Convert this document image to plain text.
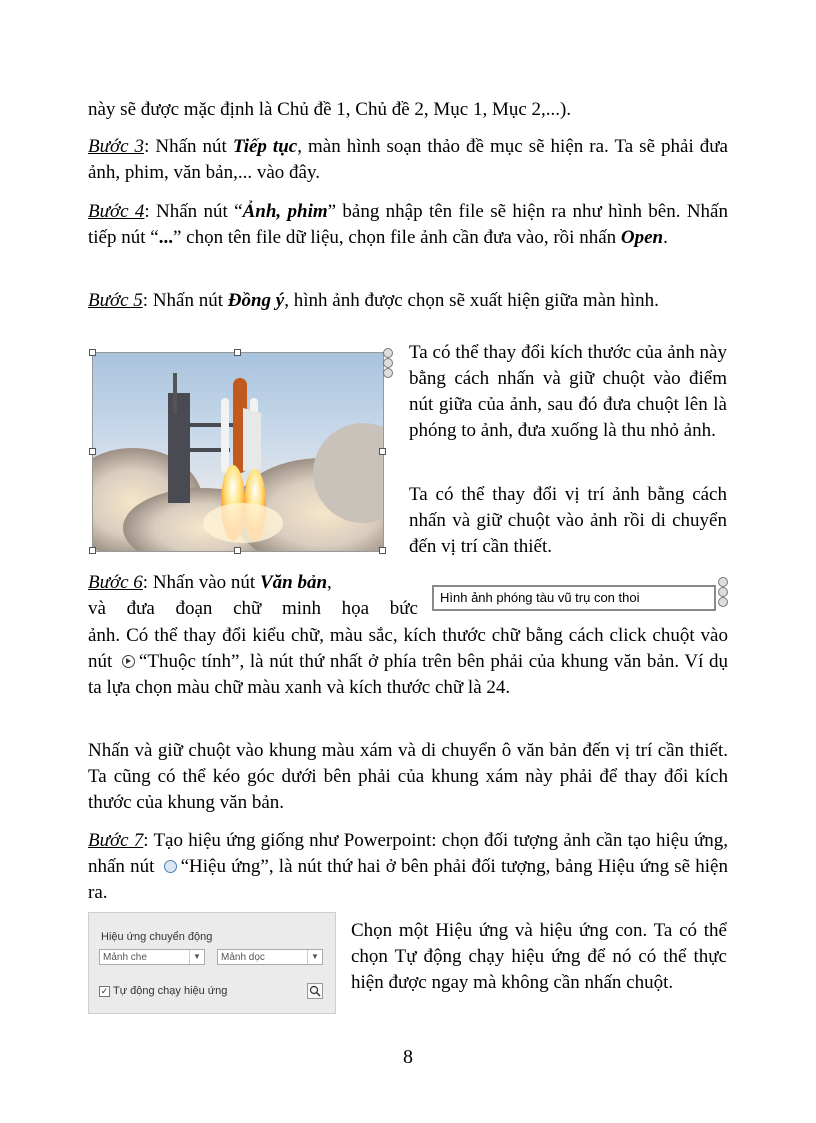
này sẽ được mặc định là Chủ đề 1, Chủ đề 2, Mục 1, Mục 2,...).
Bước 3: Nhấn nút Tiếp tục, màn hình soạn thảo đề mục sẽ hiện ra. Ta sẽ phải đưa ảnh, phim, văn bản,... vào đây.
Bước 4: Nhấn nút “Ảnh, phim” bảng nhập tên file sẽ hiện ra như hình bên. Nhấn tiếp nút “...” chọn tên file dữ liệu, chọn file ảnh cần đưa vào, rồi nhấn Open.
Bước 5: Nhấn nút Đồng ý, hình ảnh được chọn sẽ xuất hiện giữa màn hình.
Ta có thể thay đổi kích thước của ảnh này bằng cách nhấn và giữ chuột vào điểm nút giữa của ảnh, sau đó đưa chuột lên là phóng to ảnh, đưa xuống là thu nhỏ ảnh.
Ta có thể thay đổi vị trí ảnh bằng cách nhấn và giữ chuột vào ảnh rồi di chuyển đến vị trí cần thiết.
Bước 6: Nhấn vào nút Văn bản,
và đưa đoạn chữ minh họa bức
Hình ảnh phóng tàu vũ trụ con thoi
ảnh. Có thể thay đổi kiểu chữ, màu sắc, kích thước chữ bằng cách click chuột vào nút
“Thuộc tính”, là nút thứ nhất ở phía trên bên phải của khung văn bản. Ví dụ ta lựa chọn màu chữ màu xanh và kích thước chữ là 24.
Nhấn và giữ chuột vào khung màu xám và di chuyển ô văn bản đến vị trí cần thiết. Ta cũng có thể kéo góc dưới bên phải của khung xám này phải để thay đổi kích thước của khung văn bản.
Bước 7: Tạo hiệu ứng giống như Powerpoint: chọn đối tượng ảnh cần tạo hiệu ứng, nhấn nút “Hiệu ứng”, là nút thứ hai ở bên phải đối tượng, bảng Hiệu ứng sẽ hiện ra.
Hiệu ứng chuyển động
Mảnh che	▼	Mảnh dọc	▼
✓ Tự động chạy hiệu ứng
Chọn một Hiệu ứng và hiệu ứng con. Ta có thể chọn Tự động chạy hiệu ứng để nó có thể thực hiện được ngay mà không cần nhấn chuột.
8
